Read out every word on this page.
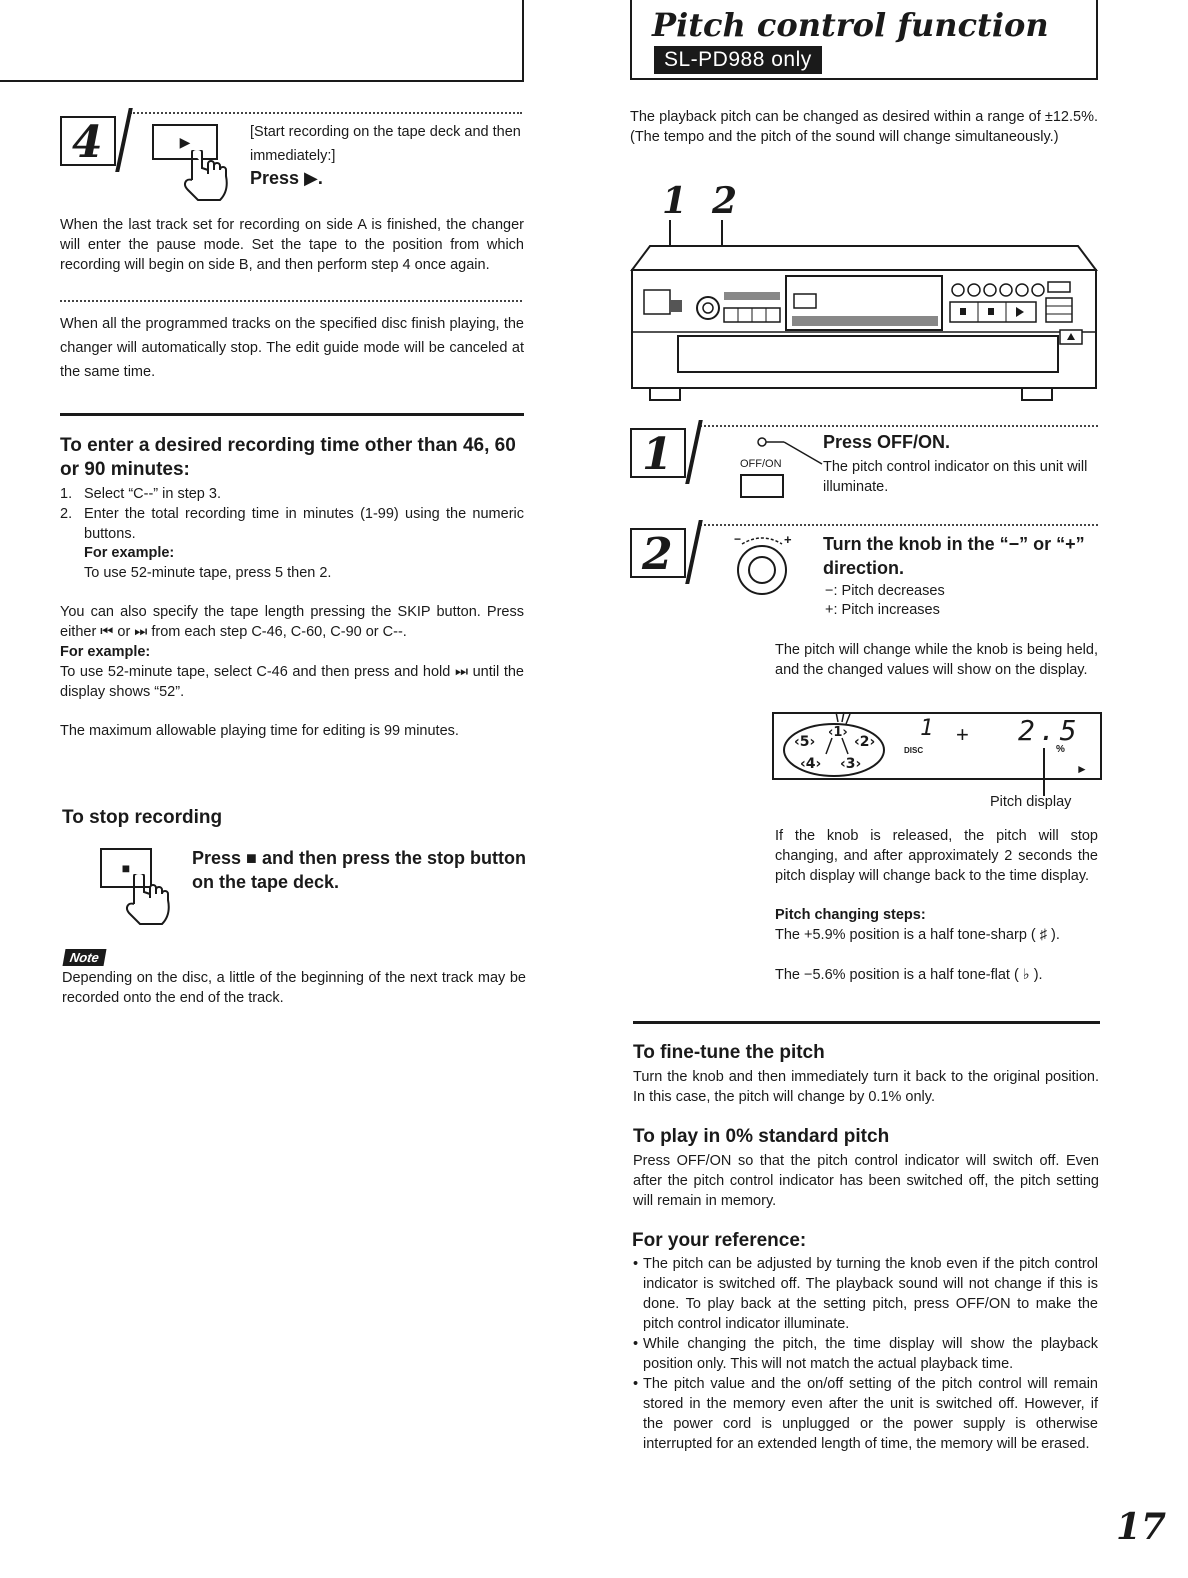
4	▶
[Start recording on the tape deck and then immediately:]
Press ▶.
When the last track set for recording on side A is finished, the changer will enter the pause mode. Set the tape to the position from which recording will begin on side B, and then perform step 4 once again.
When all the programmed tracks on the specified disc finish playing, the changer will automatically stop. The edit guide mode will be canceled at the same time.
To enter a desired recording time other than 46, 60 or 90 minutes:
1. Select “C--” in step 3.
2. Enter the total recording time in minutes (1-99) using the numeric buttons.
For example:
To use 52-minute tape, press 5 then 2.
You can also specify the tape length pressing the SKIP button. Press either ⏮ or ⏭ from each step C-46, C-60, C-90 or C--.
For example:
To use 52-minute tape, select C-46 and then press and hold ⏭ until the display shows “52”.
The maximum allowable playing time for editing is 99 minutes.
To stop recording
■	Press ■ and then press the stop button on the tape deck.
Note
Depending on the disc, a little of the beginning of the next track may be recorded onto the end of the track.
Pitch control function
SL-PD988 only
The playback pitch can be changed as desired within a range of ±12.5%. (The tempo and the pitch of the sound will change simultaneously.)
1 2
1	OFF/ON
Press OFF/ON.
The pitch control indicator on this unit will illuminate.
2	−	+ Turn the knob in the “−” or “+” direction.
−: Pitch decreases
+: Pitch increases
The pitch will change while the knob is being held, and the changed values will show on the display.
‹5›
‹1›
‹2›
‹4› ‹3›
DISC
1 + 2.5
%
►
Pitch display
If the knob is released, the pitch will stop changing, and after approximately 2 seconds the pitch display will change back to the time display.
Pitch changing steps:
The +5.9% position is a half tone-sharp ( ♯ ).
The −5.6% position is a half tone-flat ( ♭ ).
To fine-tune the pitch
Turn the knob and then immediately turn it back to the original position. In this case, the pitch will change by 0.1% only.
To play in 0% standard pitch
Press OFF/ON so that the pitch control indicator will switch off. Even after the pitch control indicator has been switched off, the pitch setting will remain in memory.
For your reference:
• The pitch can be adjusted by turning the knob even if the pitch control indicator is switched off. The playback sound will not change if this is done. To play back at the setting pitch, press OFF/ON to make the pitch control indicator illuminate.
• While changing the pitch, the time display will show the playback position only. This will not match the actual playback time.
• The pitch value and the on/off setting of the pitch control will remain stored in the memory even after the unit is switched off. However, if the power cord is unplugged or the power supply is otherwise interrupted for an extended length of time, the memory will be erased.
17
